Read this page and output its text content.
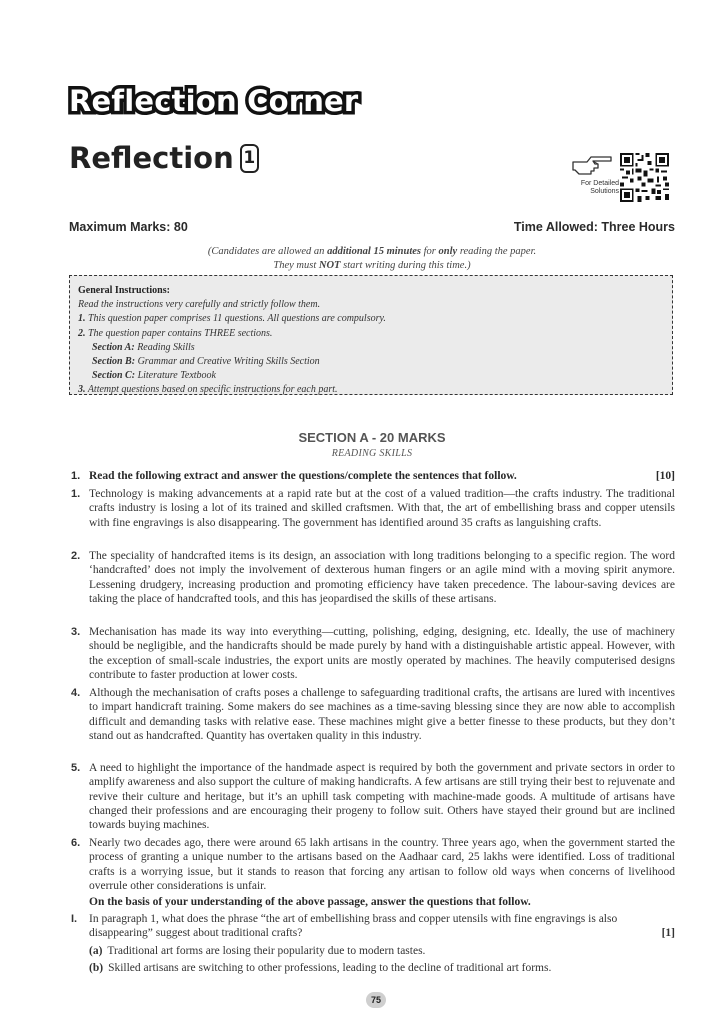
Reflection Corner
Reflection 1
For Detailed Solutions
Maximum Marks: 80	Time Allowed: Three Hours
(Candidates are allowed an additional 15 minutes for only reading the paper.
They must NOT start writing during this time.)
General Instructions:
Read the instructions very carefully and strictly follow them.
1. This question paper comprises 11 questions. All questions are compulsory.
2. The question paper contains THREE sections.
Section A: Reading Skills
Section B: Grammar and Creative Writing Skills Section
Section C: Literature Textbook
3. Attempt questions based on specific instructions for each part.
SECTION A - 20 MARKS
READING SKILLS
1. Read the following extract and answer the questions/complete the sentences that follow.	[10]
1. Technology is making advancements at a rapid rate but at the cost of a valued tradition—the crafts industry. The traditional crafts industry is losing a lot of its trained and skilled craftsmen. With that, the art of embellishing brass and copper utensils with fine engravings is also disappearing. The government has identified around 35 crafts as languishing crafts.
2. The speciality of handcrafted items is its design, an association with long traditions belonging to a specific region. The word ‘handcrafted’ does not imply the involvement of dexterous human fingers or an agile mind with a moving spirit anymore. Lessening drudgery, increasing production and promoting efficiency have taken precedence. The labour-saving devices are taking the place of handcrafted tools, and this has jeopardised the skills of these artisans.
3. Mechanisation has made its way into everything—cutting, polishing, edging, designing, etc. Ideally, the use of machinery should be negligible, and the handicrafts should be made purely by hand with a distinguishable artistic appeal. However, with the exception of small-scale industries, the export units are mostly operated by machines. The heavily computerised designs contribute to faster production at lower costs.
4. Although the mechanisation of crafts poses a challenge to safeguarding traditional crafts, the artisans are lured with incentives to impart handicraft training. Some makers do see machines as a time-saving blessing since they are now able to accomplish difficult and demanding tasks with relative ease. These machines might give a better finesse to these products, but they don’t stand out as handcrafted. Quantity has overtaken quality in this industry.
5. A need to highlight the importance of the handmade aspect is required by both the government and private sectors in order to amplify awareness and also support the culture of making handicrafts. A few artisans are still trying their best to rejuvenate and revive their culture and heritage, but it’s an uphill task competing with machine-made goods. A multitude of artisans have changed their professions and are encouraging their progeny to follow suit. Others have stayed their ground but are inclined towards buying machines.
6. Nearly two decades ago, there were around 65 lakh artisans in the country. Three years ago, when the government started the process of granting a unique number to the artisans based on the Aadhaar card, 25 lakhs were identified. Loss of traditional crafts is a worrying issue, but it stands to reason that forcing any artisan to follow old ways when concerns of livelihood overrule other considerations is unfair.
On the basis of your understanding of the above passage, answer the questions that follow.
I. In paragraph 1, what does the phrase “the art of embellishing brass and copper utensils with fine engravings is also disappearing” suggest about traditional crafts?	[1]
(a) Traditional art forms are losing their popularity due to modern tastes.
(b) Skilled artisans are switching to other professions, leading to the decline of traditional art forms.
75
